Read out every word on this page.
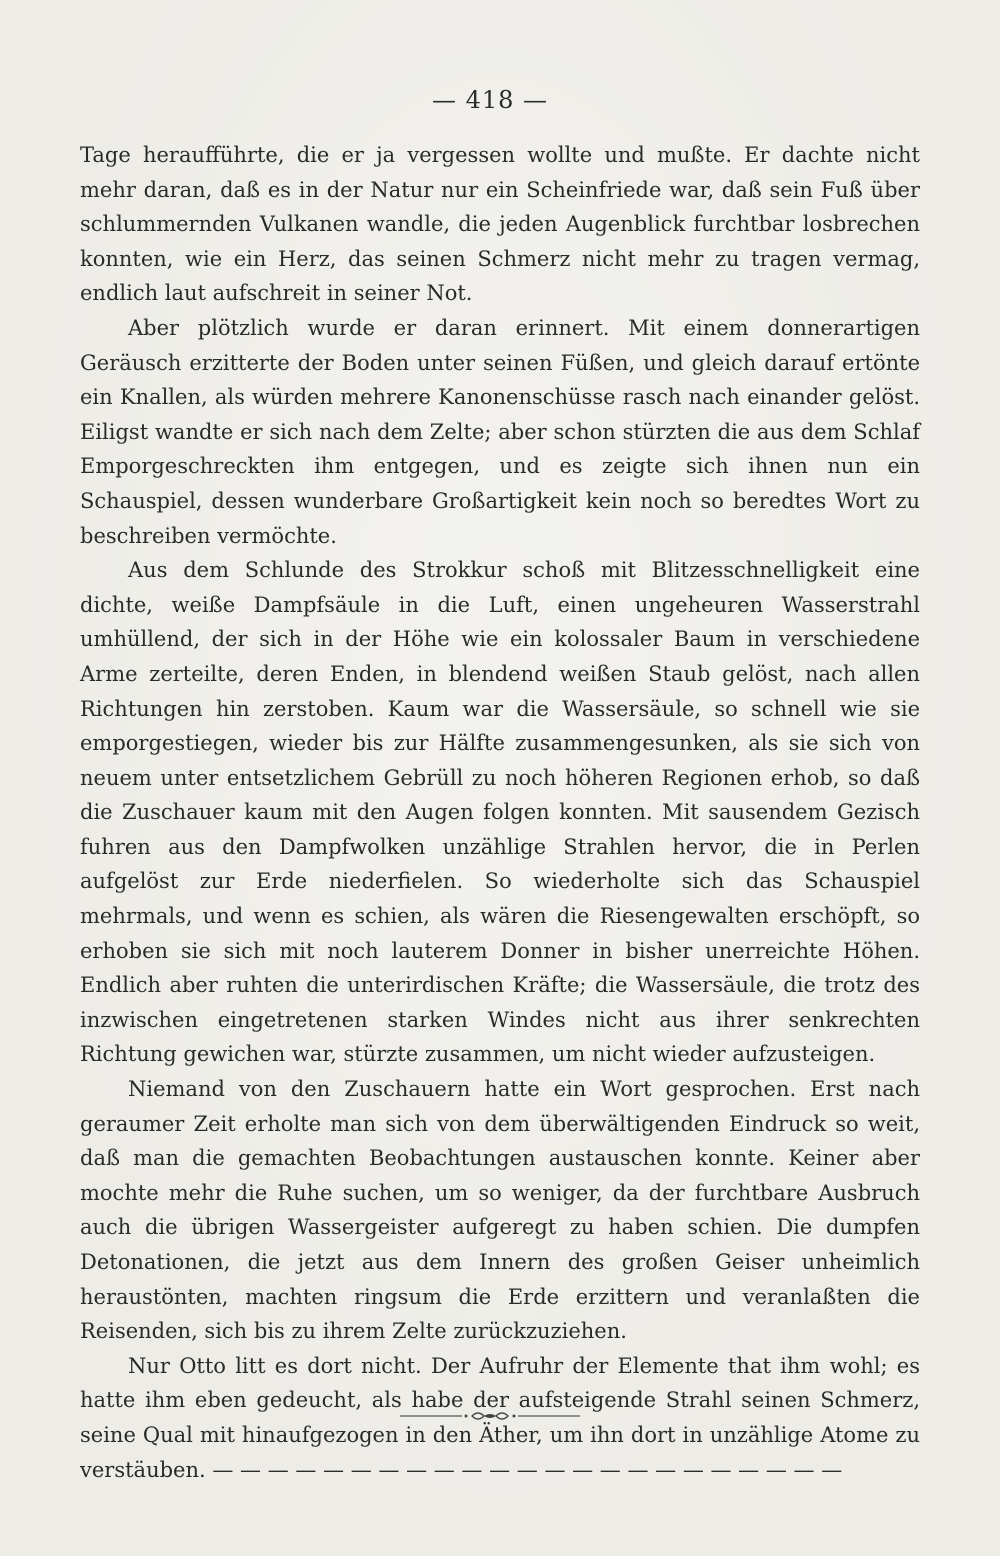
— 418 —

Tage heraufführte, die er ja vergessen wollte und mußte. Er dachte nicht mehr daran, daß es in der Natur nur ein Scheinfriede war, daß sein Fuß über schlummernden Vulkanen wandle, die jeden Augenblick furchtbar losbrechen konnten, wie ein Herz, das seinen Schmerz nicht mehr zu tragen vermag, endlich laut aufschreit in seiner Not.

Aber plötzlich wurde er daran erinnert. Mit einem donnerartigen Geräusch erzitterte der Boden unter seinen Füßen, und gleich darauf ertönte ein Knallen, als würden mehrere Kanonenschüsse rasch nach einander gelöst. Eiligst wandte er sich nach dem Zelte; aber schon stürzten die aus dem Schlaf Emporgeschreckten ihm entgegen, und es zeigte sich ihnen nun ein Schauspiel, dessen wunderbare Großartigkeit kein noch so beredtes Wort zu beschreiben vermöchte.

Aus dem Schlunde des Strokkur schoß mit Blitzesschnelligkeit eine dichte, weiße Dampfsäule in die Luft, einen ungeheuren Wasserstrahl umhüllend, der sich in der Höhe wie ein kolossaler Baum in verschiedene Arme zerteilte, deren Enden, in blendend weißen Staub gelöst, nach allen Richtungen hin zerstoben. Kaum war die Wassersäule, so schnell wie sie emporgestiegen, wieder bis zur Hälfte zusammengesunken, als sie sich von neuem unter entsetzlichem Gebrüll zu noch höheren Regionen erhob, so daß die Zuschauer kaum mit den Augen folgen konnten. Mit sausendem Gezisch fuhren aus den Dampfwolken unzählige Strahlen hervor, die in Perlen aufgelöst zur Erde niederfielen. So wiederholte sich das Schauspiel mehrmals, und wenn es schien, als wären die Riesengewalten erschöpft, so erhoben sie sich mit noch lauterem Donner in bisher unerreichte Höhen. Endlich aber ruhten die unterirdischen Kräfte; die Wassersäule, die trotz des inzwischen eingetretenen starken Windes nicht aus ihrer senkrechten Richtung gewichen war, stürzte zusammen, um nicht wieder aufzusteigen.

Niemand von den Zuschauern hatte ein Wort gesprochen. Erst nach geraumer Zeit erholte man sich von dem überwältigenden Eindruck so weit, daß man die gemachten Beobachtungen austauschen konnte. Keiner aber mochte mehr die Ruhe suchen, um so weniger, da der furchtbare Ausbruch auch die übrigen Wassergeister aufgeregt zu haben schien. Die dumpfen Detonationen, die jetzt aus dem Innern des großen Geiser unheimlich heraustönten, machten ringsum die Erde erzittern und veranlaßten die Reisenden, sich bis zu ihrem Zelte zurückzuziehen.

Nur Otto litt es dort nicht. Der Aufruhr der Elemente that ihm wohl; es hatte ihm eben gedeucht, als habe der aufsteigende Strahl seinen Schmerz, seine Qual mit hinaufgezogen in den Äther, um ihn dort in unzählige Atome zu verstäuben. — — — — — — — — — — — — — — — — — — — — — — —
